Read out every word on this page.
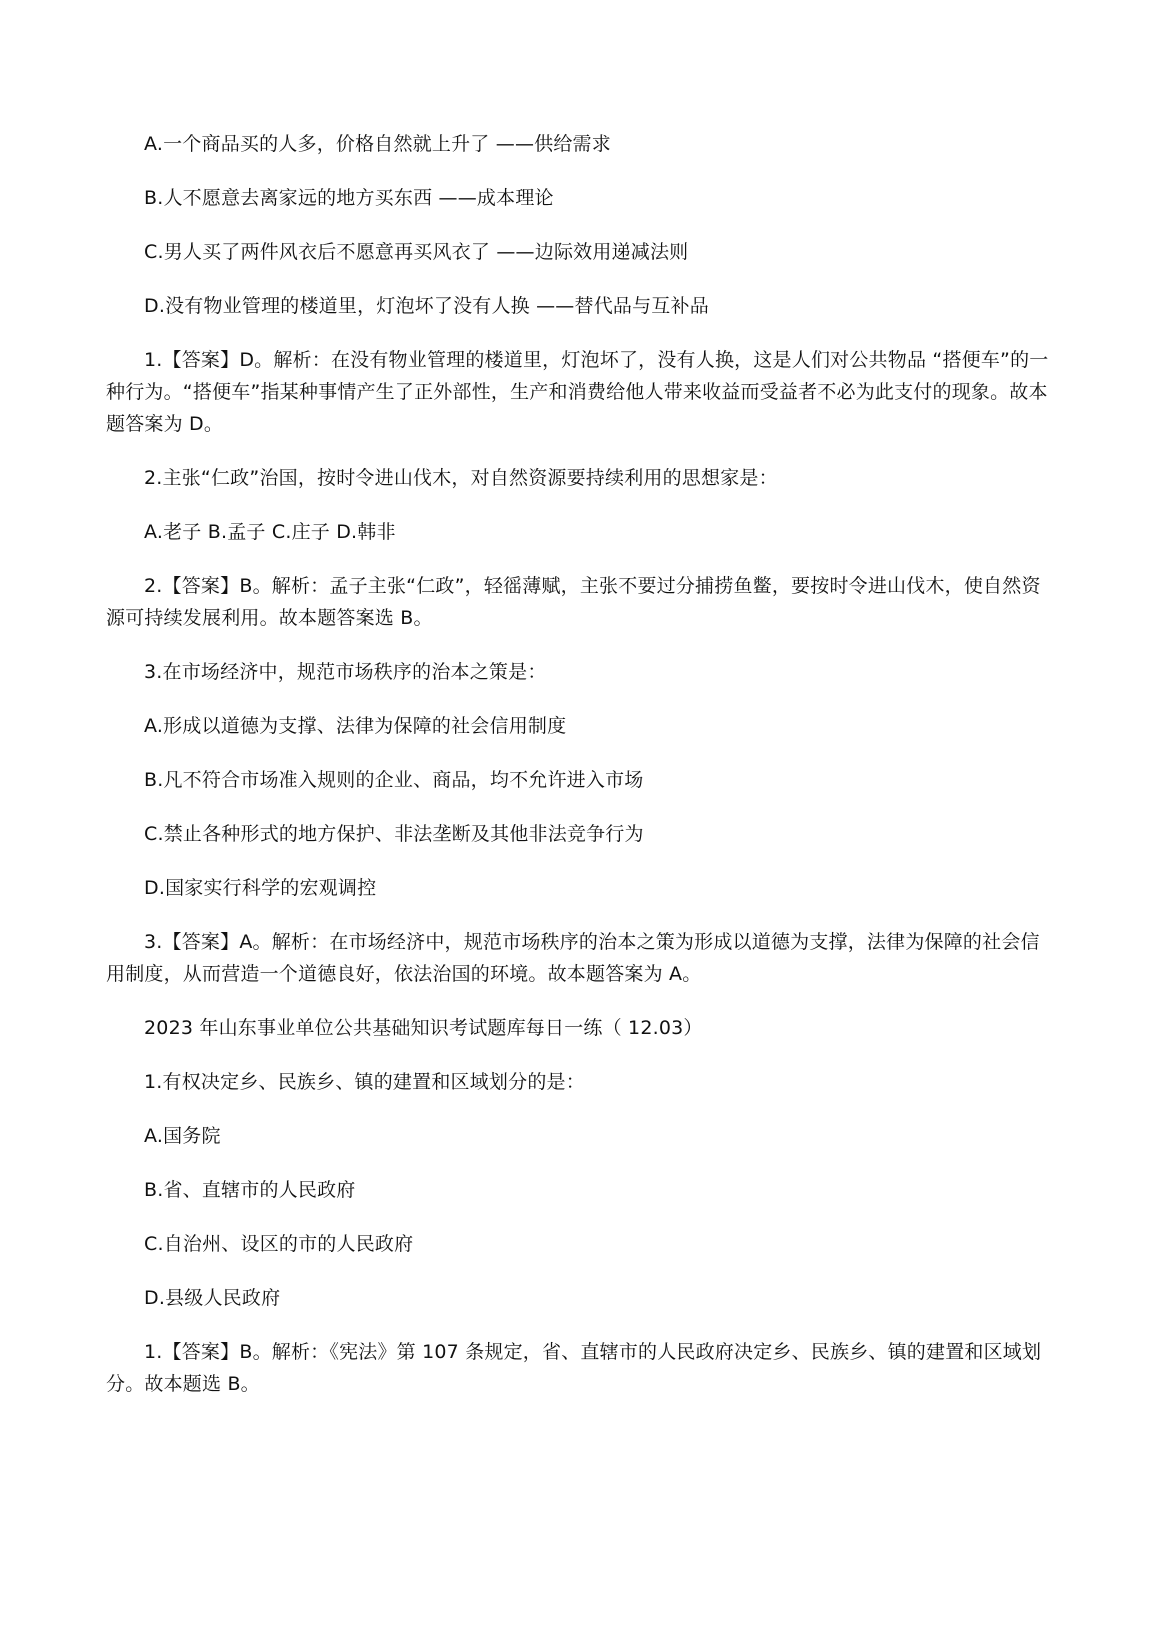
A.一个商品买的人多，价格自然就上升了 ——供给需求

B.人不愿意去离家远的地方买东西 ——成本理论

C.男人买了两件风衣后不愿意再买风衣了 ——边际效用递减法则

D.没有物业管理的楼道里，灯泡坏了没有人换 ——替代品与互补品

1.【答案】D。解析：在没有物业管理的楼道里，灯泡坏了，没有人换，这是人们对公共物品 “搭便车”的一种行为。“搭便车”指某种事情产生了正外部性，生产和消费给他人带来收益而受益者不必为此支付的现象。故本题答案为 D。

2.主张“仁政”治国，按时令进山伐木，对自然资源要持续利用的思想家是：

A.老子 B.孟子 C.庄子 D.韩非

2.【答案】B。解析：孟子主张“仁政”，轻徭薄赋，主张不要过分捕捞鱼鳖，要按时令进山伐木，使自然资源可持续发展利用。故本题答案选 B。

3.在市场经济中，规范市场秩序的治本之策是：

A.形成以道德为支撑、法律为保障的社会信用制度

B.凡不符合市场准入规则的企业、商品，均不允许进入市场

C.禁止各种形式的地方保护、非法垄断及其他非法竞争行为

D.国家实行科学的宏观调控

3.【答案】A。解析：在市场经济中，规范市场秩序的治本之策为形成以道德为支撑，法律为保障的社会信用制度，从而营造一个道德良好，依法治国的环境。故本题答案为 A。

2023 年山东事业单位公共基础知识考试题库每日一练（ 12.03）

1.有权决定乡、民族乡、镇的建置和区域划分的是：

A.国务院

B.省、直辖市的人民政府

C.自治州、设区的市的人民政府

D.县级人民政府

1.【答案】B。解析：《宪法》第 107 条规定，省、直辖市的人民政府决定乡、民族乡、镇的建置和区域划分。故本题选 B。
